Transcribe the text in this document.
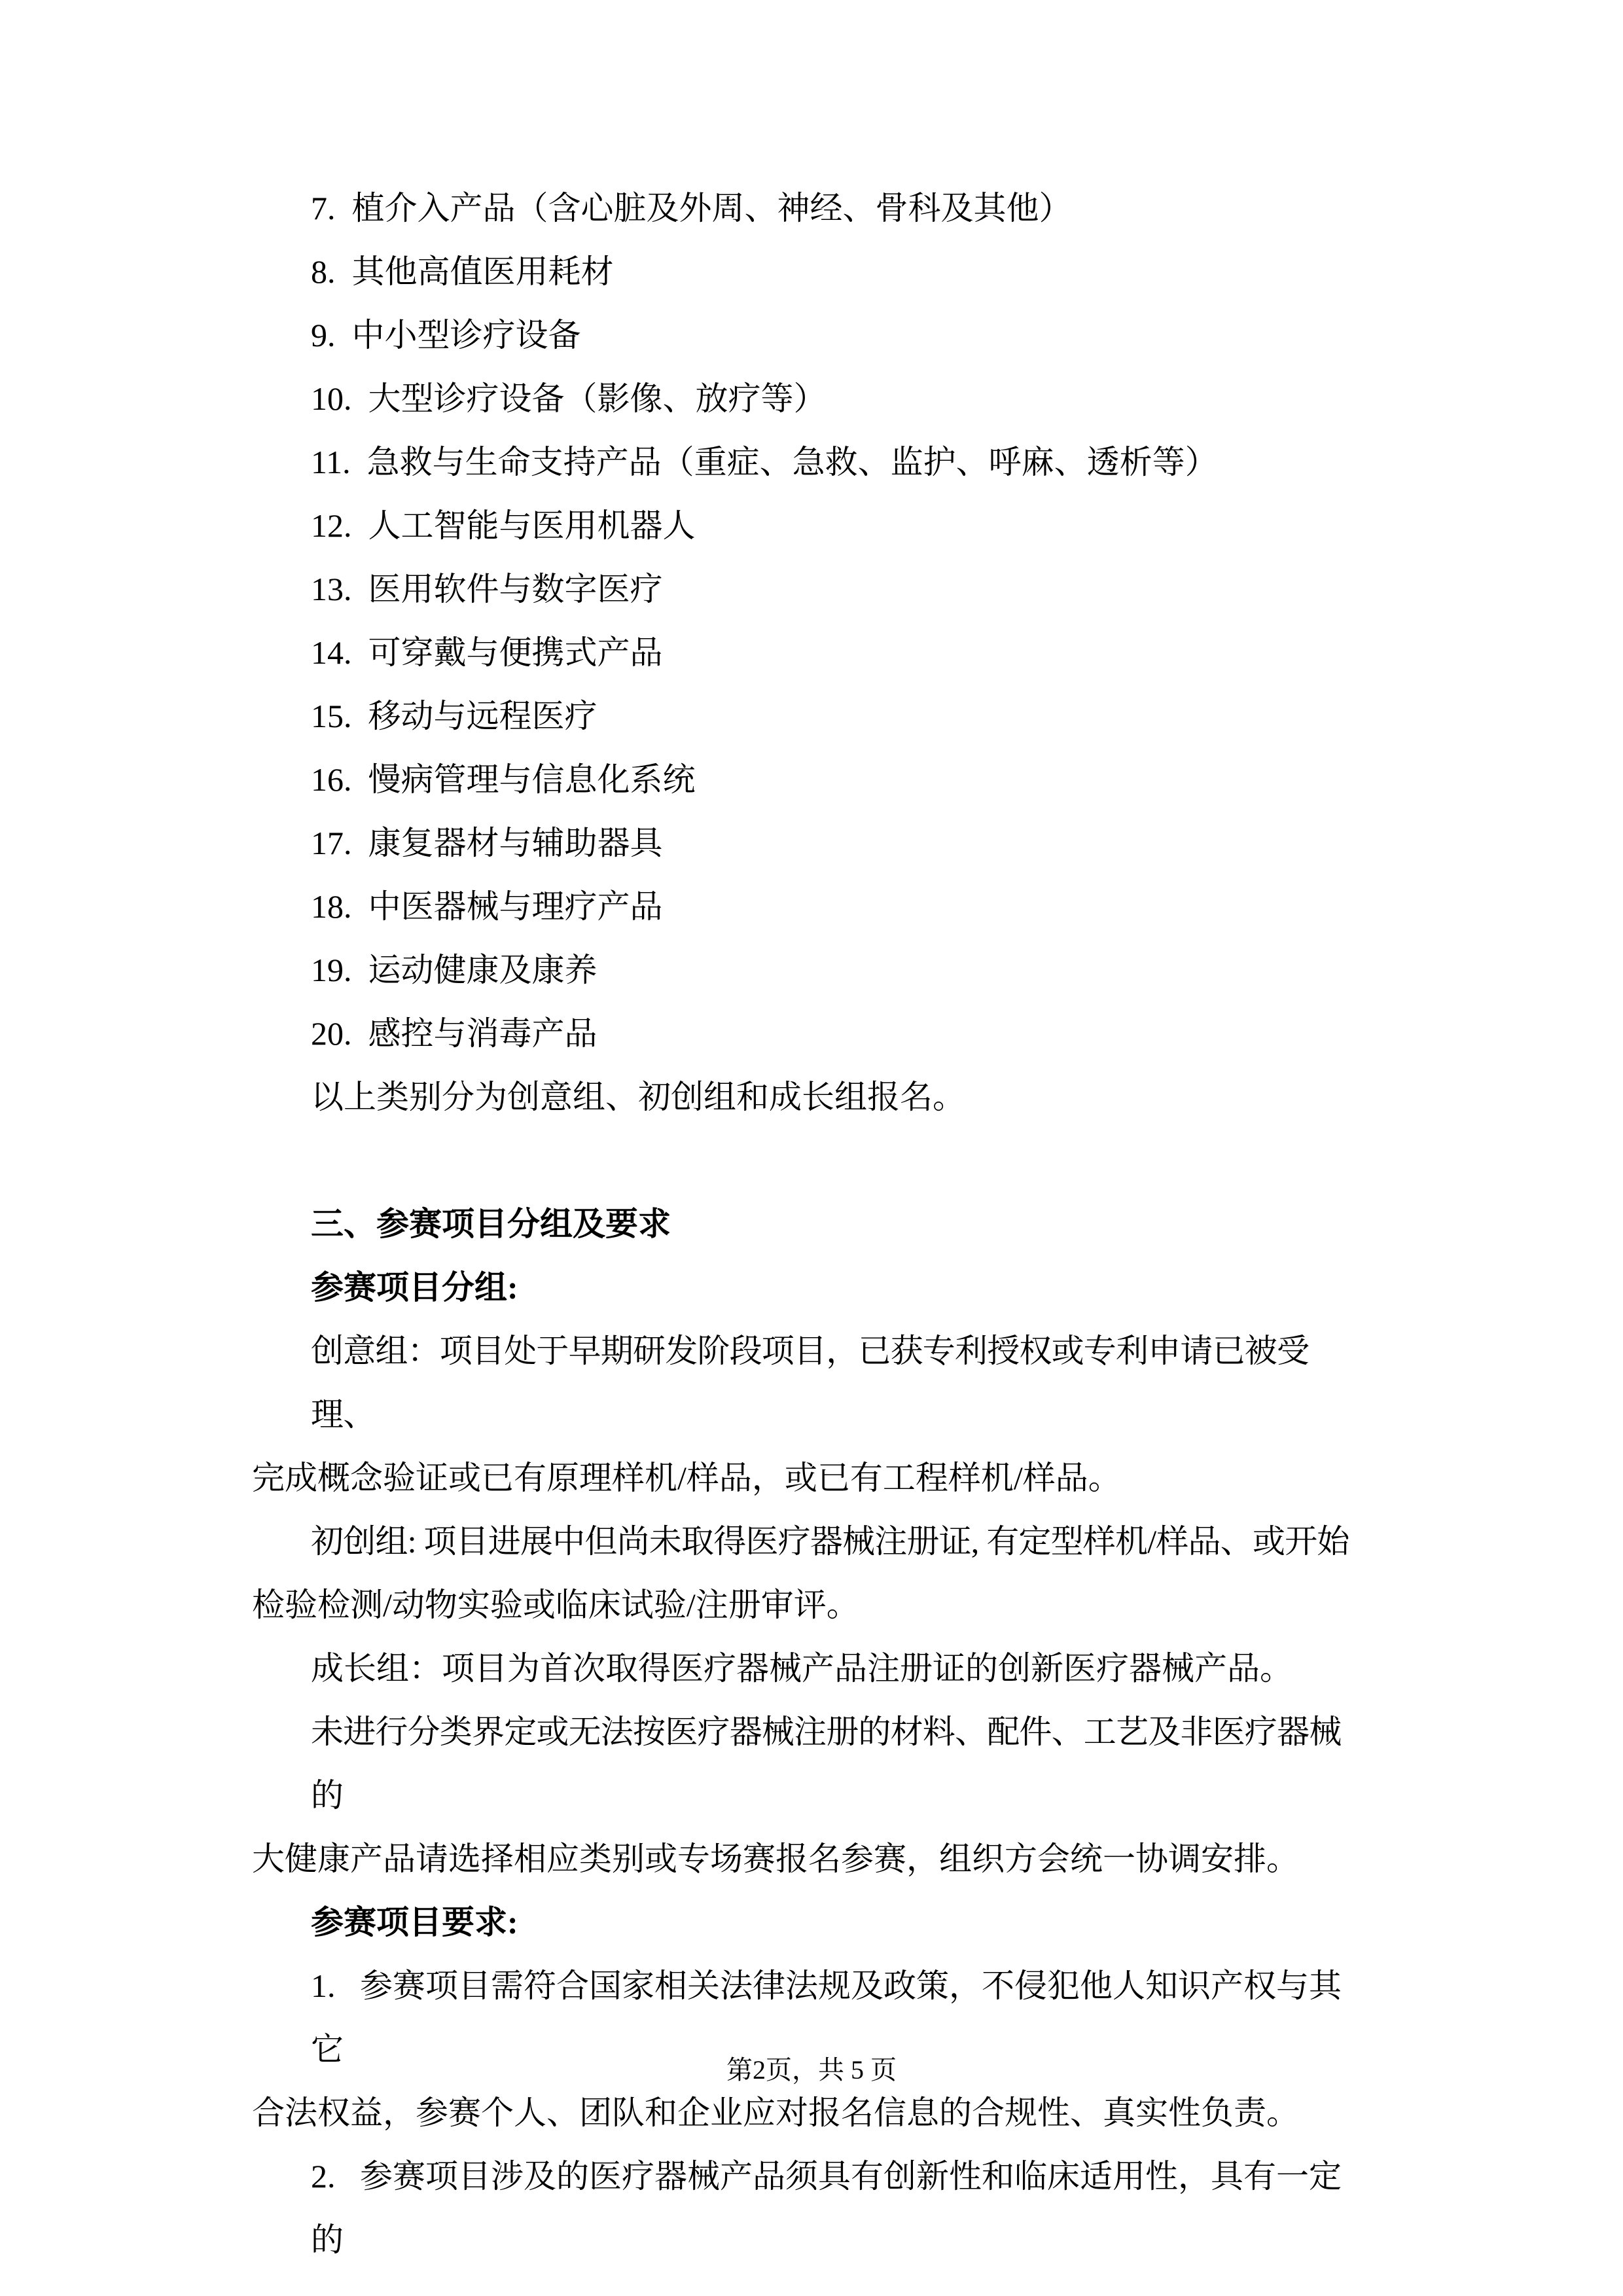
7.  植介入产品（含心脏及外周、神经、骨科及其他）
8.  其他高值医用耗材
9.  中小型诊疗设备
10.  大型诊疗设备（影像、放疗等）
11.  急救与生命支持产品（重症、急救、监护、呼麻、透析等）
12.  人工智能与医用机器人
13.  医用软件与数字医疗
14.  可穿戴与便携式产品
15.  移动与远程医疗
16.  慢病管理与信息化系统
17.  康复器材与辅助器具
18.  中医器械与理疗产品
19.  运动健康及康养
20.  感控与消毒产品
以上类别分为创意组、初创组和成长组报名。
三、参赛项目分组及要求
参赛项目分组:
创意组：项目处于早期研发阶段项目，已获专利授权或专利申请已被受理、
完成概念验证或已有原理样机/样品，或已有工程样机/样品。
初创组: 项目进展中但尚未取得医疗器械注册证, 有定型样机/样品、或开始
检验检测/动物实验或临床试验/注册审评。
成长组：项目为首次取得医疗器械产品注册证的创新医疗器械产品。
未进行分类界定或无法按医疗器械注册的材料、配件、工艺及非医疗器械的
大健康产品请选择相应类别或专场赛报名参赛，组织方会统一协调安排。
参赛项目要求:
1.   参赛项目需符合国家相关法律法规及政策，不侵犯他人知识产权与其它
合法权益，参赛个人、团队和企业应对报名信息的合规性、真实性负责。
2.   参赛项目涉及的医疗器械产品须具有创新性和临床适用性，具有一定的
第2页，共 5 页
